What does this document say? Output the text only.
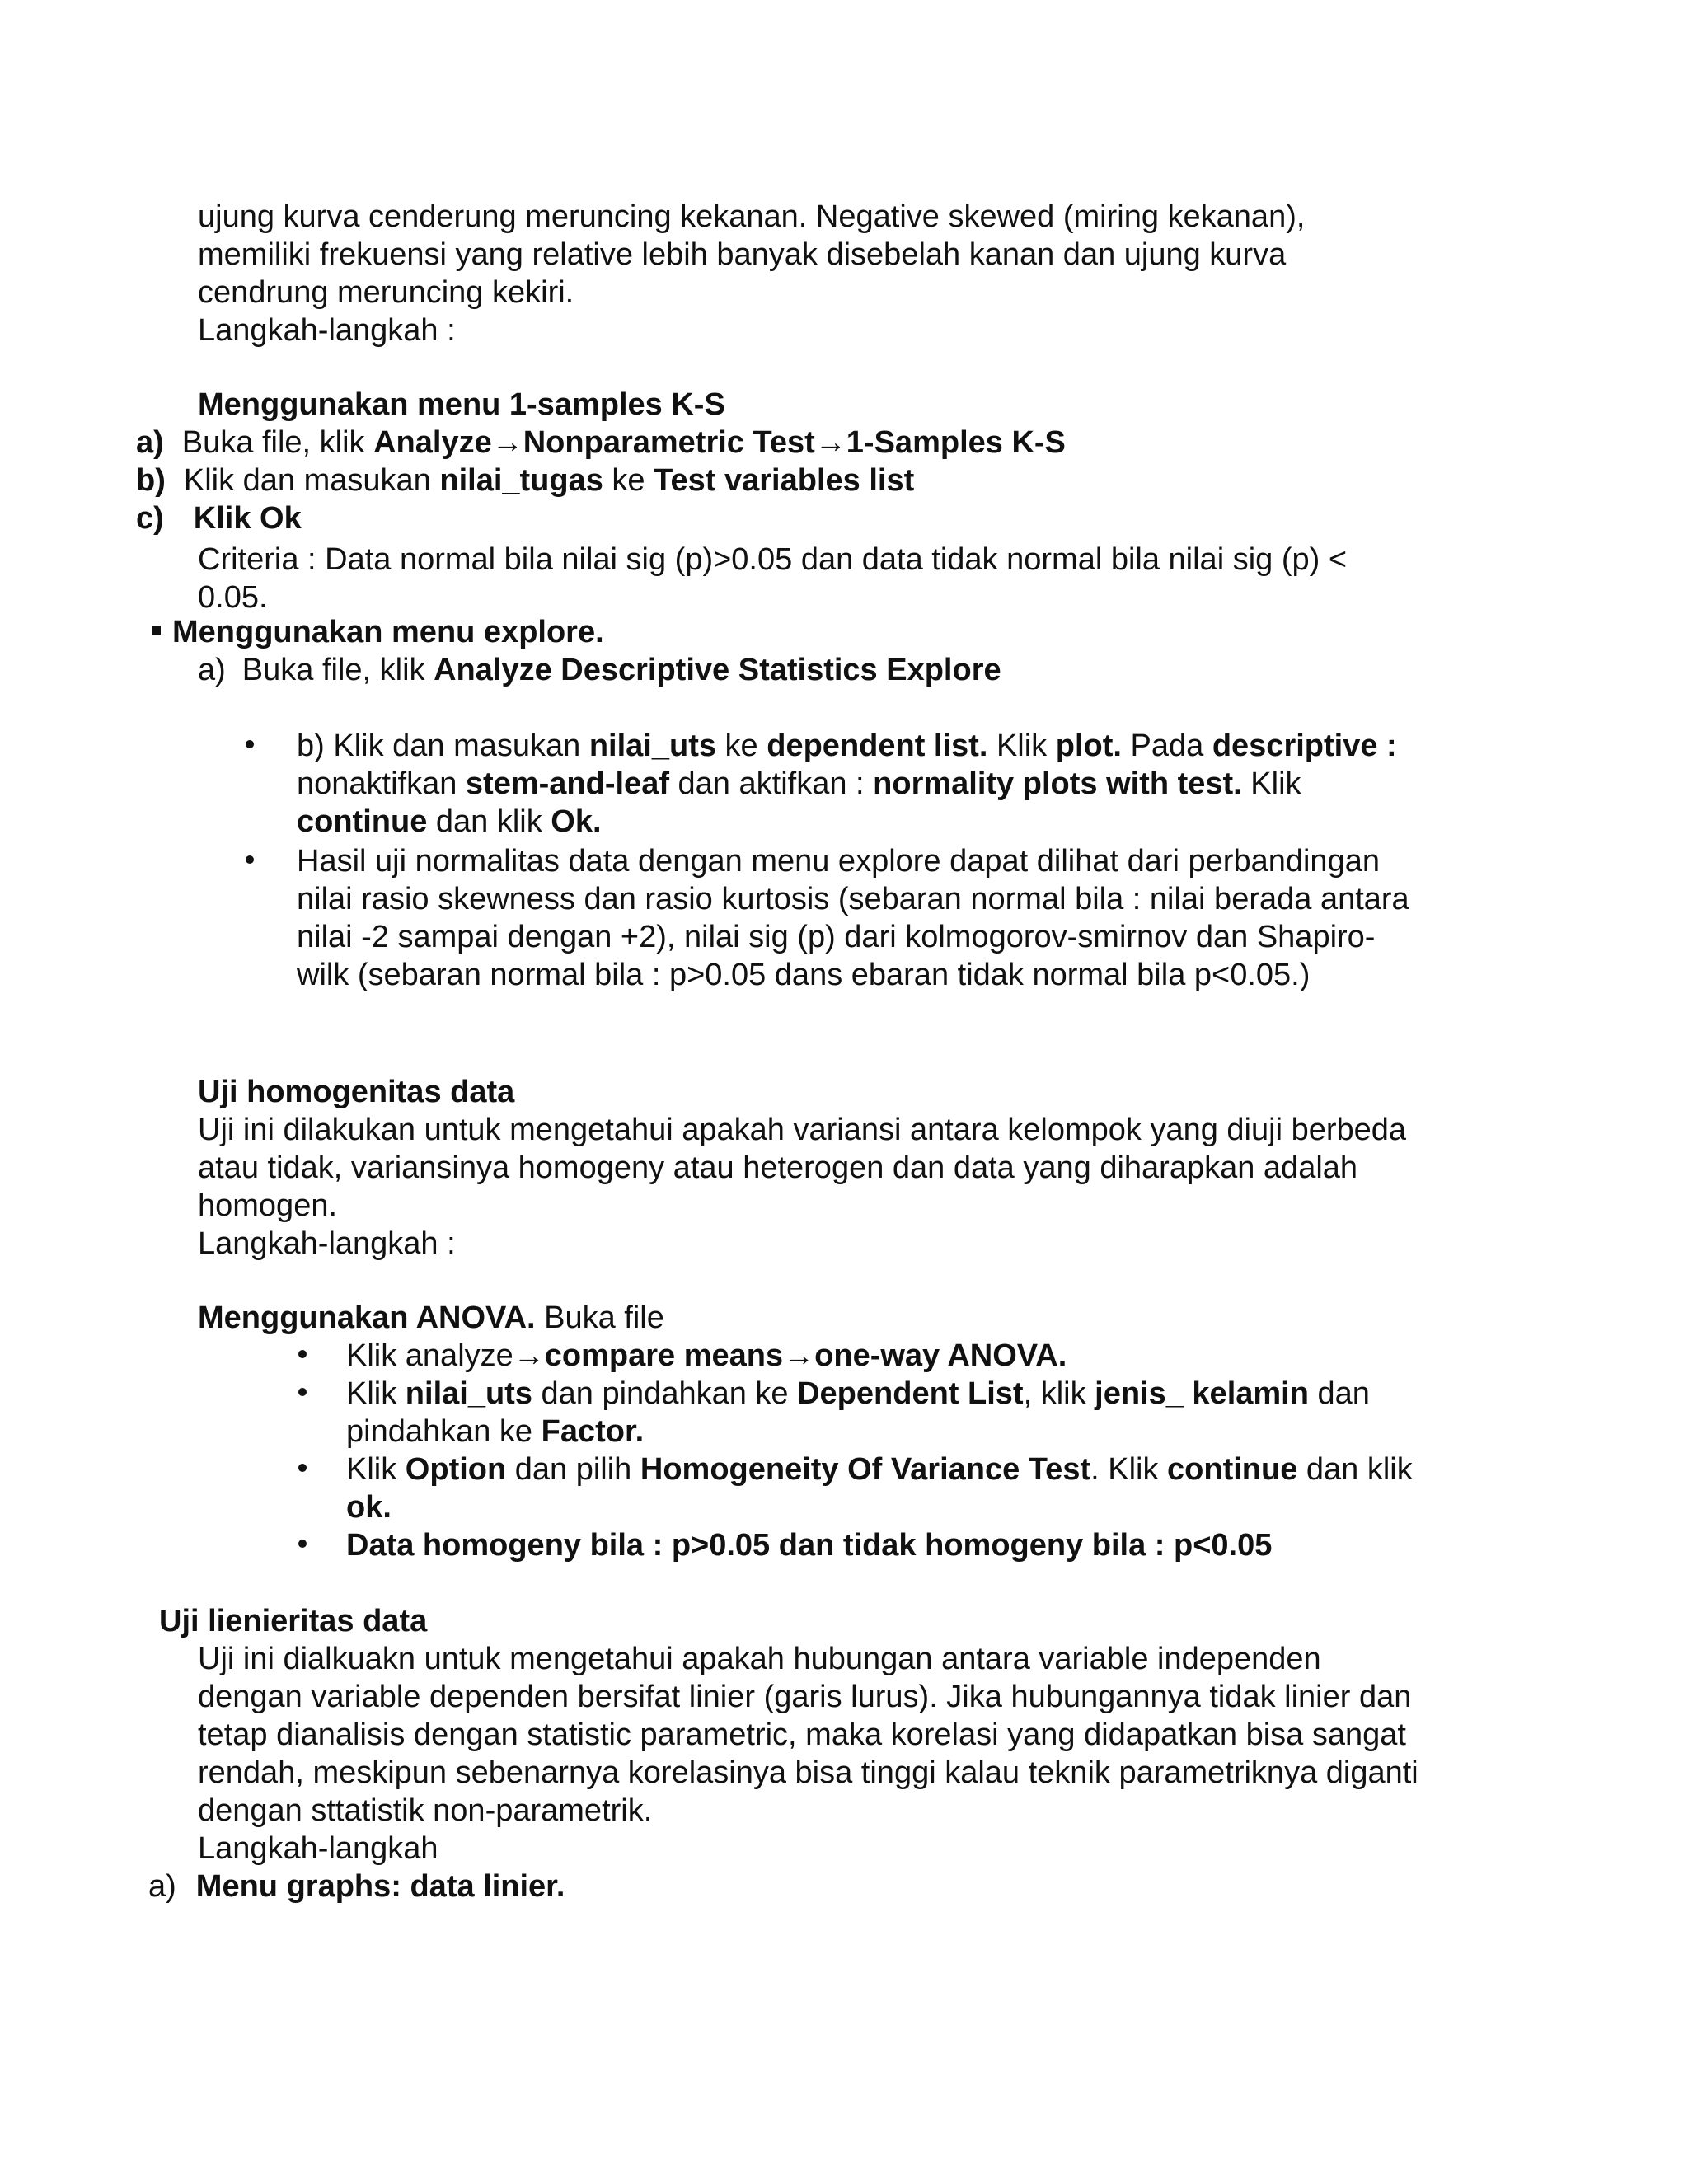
ujung kurva cenderung meruncing kekanan. Negative skewed (miring kekanan),
memiliki frekuensi yang relative lebih banyak disebelah kanan dan ujung kurva
cendrung meruncing kekiri.
Langkah-langkah :
Menggunakan menu 1-samples K-S
a) Buka file, klik Analyze→Nonparametric Test→1-Samples K-S
b) Klik dan masukan nilai_tugas ke Test variables list
c) Klik Ok
Criteria : Data normal bila nilai sig (p)>0.05 dan data tidak normal bila nilai sig (p) <
0.05.
Menggunakan menu explore.
a) Buka file, klik Analyze Descriptive Statistics Explore
b) Klik dan masukan nilai_uts ke dependent list. Klik plot. Pada descriptive :
nonaktifkan stem-and-leaf dan aktifkan : normality plots with test. Klik
continue dan klik Ok.
Hasil uji normalitas data dengan menu explore dapat dilihat dari perbandingan
nilai rasio skewness dan rasio kurtosis (sebaran normal bila : nilai berada antara
nilai -2 sampai dengan +2), nilai sig (p) dari kolmogorov-smirnov dan Shapiro-
wilk (sebaran normal bila : p>0.05 dans ebaran tidak normal bila p<0.05.)
Uji homogenitas data
Uji ini dilakukan untuk mengetahui apakah variansi antara kelompok yang diuji berbeda
atau tidak, variansinya homogeny atau heterogen dan data yang diharapkan adalah
homogen.
Langkah-langkah :
Menggunakan ANOVA. Buka file
Klik analyze→compare means→one-way ANOVA.
Klik nilai_uts dan pindahkan ke Dependent List, klik jenis_ kelamin dan
pindahkan ke Factor.
Klik Option dan pilih Homogeneity Of Variance Test. Klik continue dan klik
ok.
Data homogeny bila : p>0.05 dan tidak homogeny bila : p<0.05
Uji lienieritas data
Uji ini dialkuakn untuk mengetahui apakah hubungan antara variable independen
dengan variable dependen bersifat linier (garis lurus). Jika hubungannya tidak linier dan
tetap dianalisis dengan statistic parametric, maka korelasi yang didapatkan bisa sangat
rendah, meskipun sebenarnya korelasinya bisa tinggi kalau teknik parametriknya diganti
dengan sttatistik non-parametrik.
Langkah-langkah
a) Menu graphs: data linier.
